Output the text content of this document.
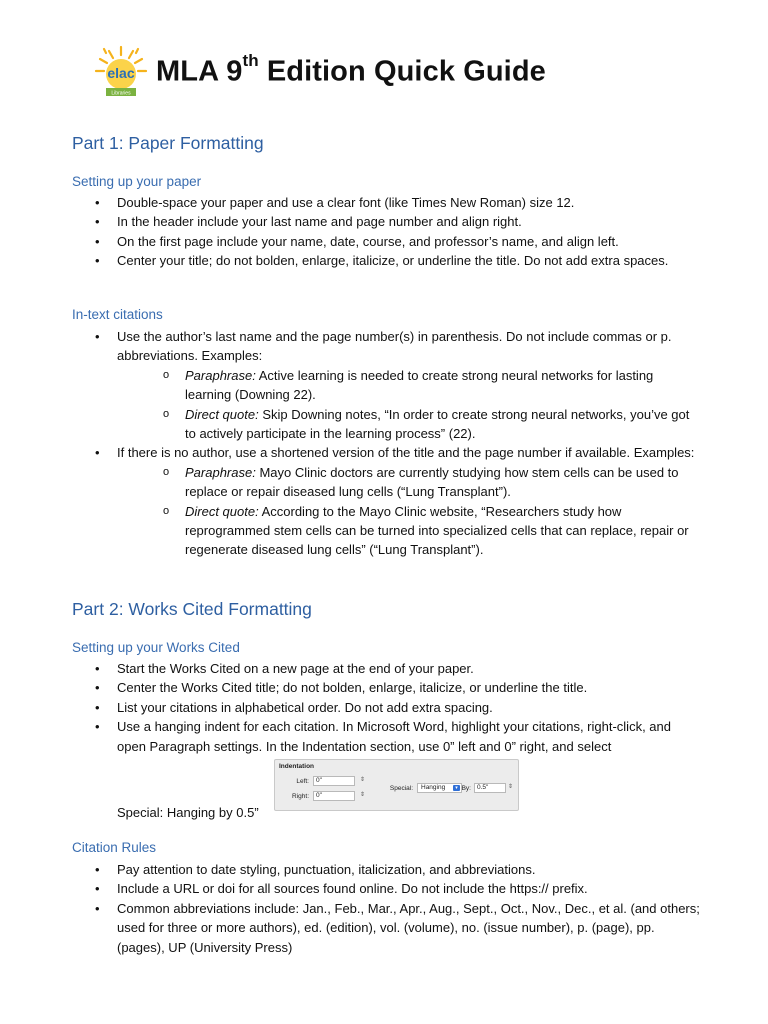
elac
Libraries
MLA 9th Edition Quick Guide
Part 1: Paper Formatting
Setting up your paper
• Double-space your paper and use a clear font (like Times New Roman) size 12.
• In the header include your last name and page number and align right.
• On the first page include your name, date, course, and professor’s name, and align left.
• Center your title; do not bolden, enlarge, italicize, or underline the title. Do not add extra spaces.
In-text citations
• Use the author’s last name and the page number(s) in parenthesis. Do not include commas or p. abbreviations. Examples:
o Paraphrase: Active learning is needed to create strong neural networks for lasting learning (Downing 22).
o Direct quote: Skip Downing notes, “In order to create strong neural networks, you’ve got to actively participate in the learning process” (22).
• If there is no author, use a shortened version of the title and the page number if available. Examples:
o Paraphrase: Mayo Clinic doctors are currently studying how stem cells can be used to replace or repair diseased lung cells (“Lung Transplant”).
o Direct quote: According to the Mayo Clinic website, “Researchers study how reprogrammed stem cells can be turned into specialized cells that can replace, repair or regenerate diseased lung cells” (“Lung Transplant”).
Part 2: Works Cited Formatting
Setting up your Works Cited
• Start the Works Cited on a new page at the end of your paper.
• Center the Works Cited title; do not bolden, enlarge, italicize, or underline the title.
• List your citations in alphabetical order. Do not add extra spacing.
• Use a hanging indent for each citation. In Microsoft Word, highlight your citations, right-click, and open Paragraph settings. In the Indentation section, use 0” left and 0” right, and select
Indentation
Left:	0"	⇕
Right:	0"	⇕
Special:	Hanging	▾ By: 0.5"	⇕
Special: Hanging by 0.5”
Citation Rules
• Pay attention to date styling, punctuation, italicization, and abbreviations.
• Include a URL or doi for all sources found online. Do not include the https:// prefix.
• Common abbreviations include: Jan., Feb., Mar., Apr., Aug., Sept., Oct., Nov., Dec., et al. (and others; used for three or more authors), ed. (edition), vol. (volume), no. (issue number), p. (page), pp. (pages), UP (University Press)
